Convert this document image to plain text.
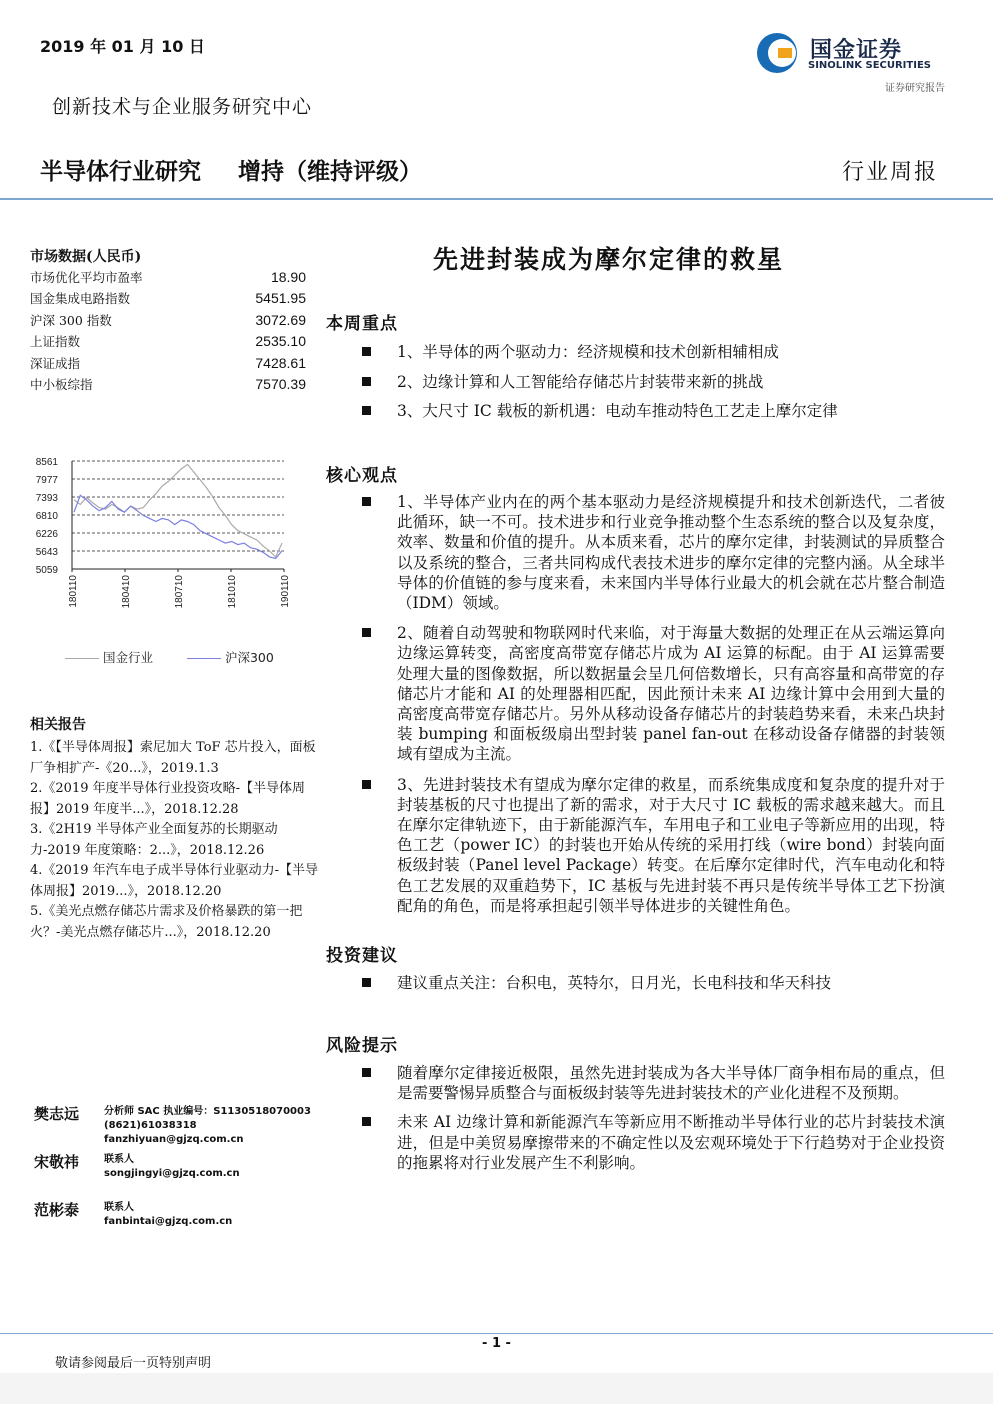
2019 年 01 月 10 日
创新技术与企业服务研究中心
国金证券
SINOLINK SECURITIES
证券研究报告
半导体行业研究 增持（维持评级）	行业周报
市场数据(人民币)
市场优化平均市盈率	18.90
国金集成电路指数	5451.95
沪深 300 指数	3072.69
上证指数	2535.10
深证成指	7428.61
中小板综指	7570.39
8561
7977
7393
6810
6226
5643
5059
180110	180410	180710	181010	190110
国金行业	沪深300
相关报告

1.《【半导体周报】索尼加大 ToF 芯片投入，面板厂争相扩产-《20...》，2019.1.3

2.《2019 年度半导体行业投资攻略-【半导体周报】2019 年度半...》，2018.12.28

3.《2H19 半导体产业全面复苏的长期驱动力-2019 年度策略：2...》，2018.12.26

4.《2019 年汽车电子成半导体行业驱动力-【半导体周报】2019...》，2018.12.20

5.《美光点燃存储芯片需求及价格暴跌的第一把火？-美光点燃存储芯片...》，2018.12.20

樊志远 分析师 SAC 执业编号：S1130518070003
(8621)61038318
fanzhiyuan@gjzq.com.cn
宋敬祎 联系人
songjingyi@gjzq.com.cn
范彬泰 联系人
fanbintai@gjzq.com.cn
先进封装成为摩尔定律的救星
本周重点
1、半导体的两个驱动力：经济规模和技术创新相辅相成
2、边缘计算和人工智能给存储芯片封装带来新的挑战
3、大尺寸 IC 载板的新机遇：电动车推动特色工艺走上摩尔定律
核心观点
1、半导体产业内在的两个基本驱动力是经济规模提升和技术创新迭代，二者彼此循环，缺一不可。技术进步和行业竞争推动整个生态系统的整合以及复杂度，效率、数量和价值的提升。从本质来看，芯片的摩尔定律，封装测试的异质整合以及系统的整合，三者共同构成代表技术进步的摩尔定律的完整内涵。从全球半导体的价值链的参与度来看，未来国内半导体行业最大的机会就在芯片整合制造（IDM）领域。
2、随着自动驾驶和物联网时代来临，对于海量大数据的处理正在从云端运算向边缘运算转变，高密度高带宽存储芯片成为 AI 运算的标配。由于 AI 运算需要处理大量的图像数据，所以数据量会呈几何倍数增长，只有高容量和高带宽的存储芯片才能和 AI 的处理器相匹配，因此预计未来 AI 边缘计算中会用到大量的高密度高带宽存储芯片。另外从移动设备存储芯片的封装趋势来看，未来凸块封装 bumping 和面板级扇出型封装 panel fan-out 在移动设备存储器的封装领域有望成为主流。
3、先进封装技术有望成为摩尔定律的救星，而系统集成度和复杂度的提升对于封装基板的尺寸也提出了新的需求，对于大尺寸 IC 载板的需求越来越大。而且在摩尔定律轨迹下，由于新能源汽车，车用电子和工业电子等新应用的出现，特色工艺（power IC）的封装也开始从传统的采用打线（wire bond）封装向面板级封装（Panel level Package）转变。在后摩尔定律时代，汽车电动化和特色工艺发展的双重趋势下，IC 基板与先进封装不再只是传统半导体工艺下扮演配角的角色，而是将承担起引领半导体进步的关键性角色。
投资建议
建议重点关注：台积电，英特尔，日月光，长电科技和华天科技
风险提示
随着摩尔定律接近极限，虽然先进封装成为各大半导体厂商争相布局的重点，但是需要警惕异质整合与面板级封装等先进封装技术的产业化进程不及预期。
未来 AI 边缘计算和新能源汽车等新应用不断推动半导体行业的芯片封装技术演进，但是中美贸易摩擦带来的不确定性以及宏观环境处于下行趋势对于企业投资的拖累将对行业发展产生不利影响。
- 1 -
敬请参阅最后一页特别声明
